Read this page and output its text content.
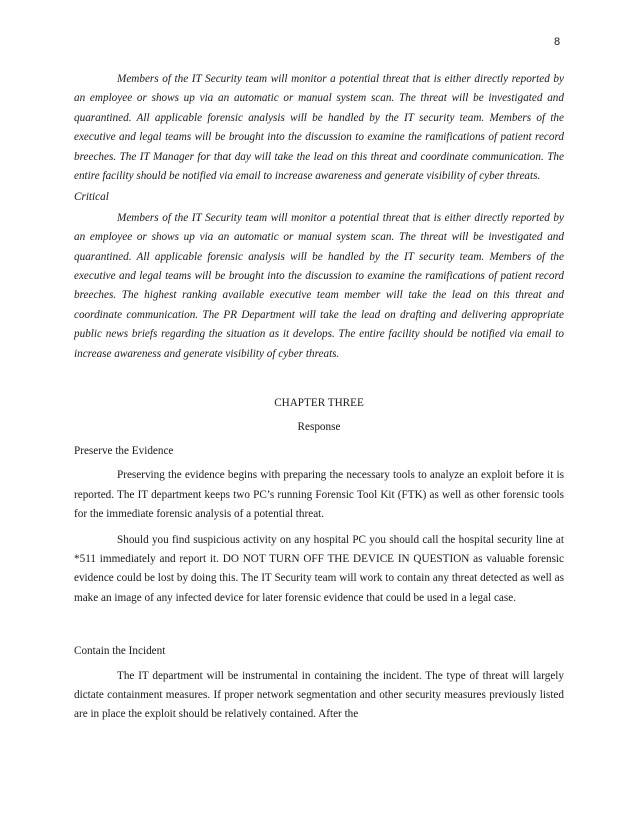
8
Members of the IT Security team will monitor a potential threat that is either directly reported by an employee or shows up via an automatic or manual system scan. The threat will be investigated and quarantined. All applicable forensic analysis will be handled by the IT security team. Members of the executive and legal teams will be brought into the discussion to examine the ramifications of patient record breeches. The IT Manager for that day will take the lead on this threat and coordinate communication. The entire facility should be notified via email to increase awareness and generate visibility of cyber threats.
Critical
Members of the IT Security team will monitor a potential threat that is either directly reported by an employee or shows up via an automatic or manual system scan. The threat will be investigated and quarantined. All applicable forensic analysis will be handled by the IT security team. Members of the executive and legal teams will be brought into the discussion to examine the ramifications of patient record breeches. The highest ranking available executive team member will take the lead on this threat and coordinate communication. The PR Department will take the lead on drafting and delivering appropriate public news briefs regarding the situation as it develops. The entire facility should be notified via email to increase awareness and generate visibility of cyber threats.
CHAPTER THREE
Response
Preserve the Evidence
Preserving the evidence begins with preparing the necessary tools to analyze an exploit before it is reported. The IT department keeps two PC’s running Forensic Tool Kit (FTK) as well as other forensic tools for the immediate forensic analysis of a potential threat.
Should you find suspicious activity on any hospital PC you should call the hospital security line at *511 immediately and report it. DO NOT TURN OFF THE DEVICE IN QUESTION as valuable forensic evidence could be lost by doing this. The IT Security team will work to contain any threat detected as well as make an image of any infected device for later forensic evidence that could be used in a legal case.
Contain the Incident
The IT department will be instrumental in containing the incident. The type of threat will largely dictate containment measures. If proper network segmentation and other security measures previously listed are in place the exploit should be relatively contained. After the
